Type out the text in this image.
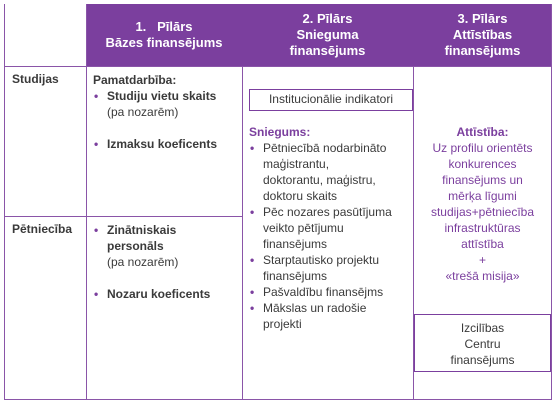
1. Pīlārs
Bāzes finansējums
2. Pīlārs
Snieguma
finansējums
3. Pīlārs
Attīstības
finansējums
Studijas
Pētniecība
Pamatdarbība:
• Studiju vietu skaits
(pa nozarēm)
• Izmaksu koeficents
• Zinātniskais
personāls
(pa nozarēm)
• Nozaru koeficents
Institucionālie indikatori
Sniegums:
• Pētniecībā nodarbināto
maģistrantu,
doktorantu, maģistru,
doktoru skaits
• Pēc nozares pasūtījuma
veikto pētījumu
finansējums
• Starptautisko projektu
finansējums
• Pašvaldību finansējms
• Mākslas un radošie
projekti
Attīstība:
Uz profilu orientēts
konkurences
finansējums un
mērķa līgumi
studijas+pētniecība
infrastruktūras
attīstība
+
«trešā misija»
Izcilības
Centru
finansējums
